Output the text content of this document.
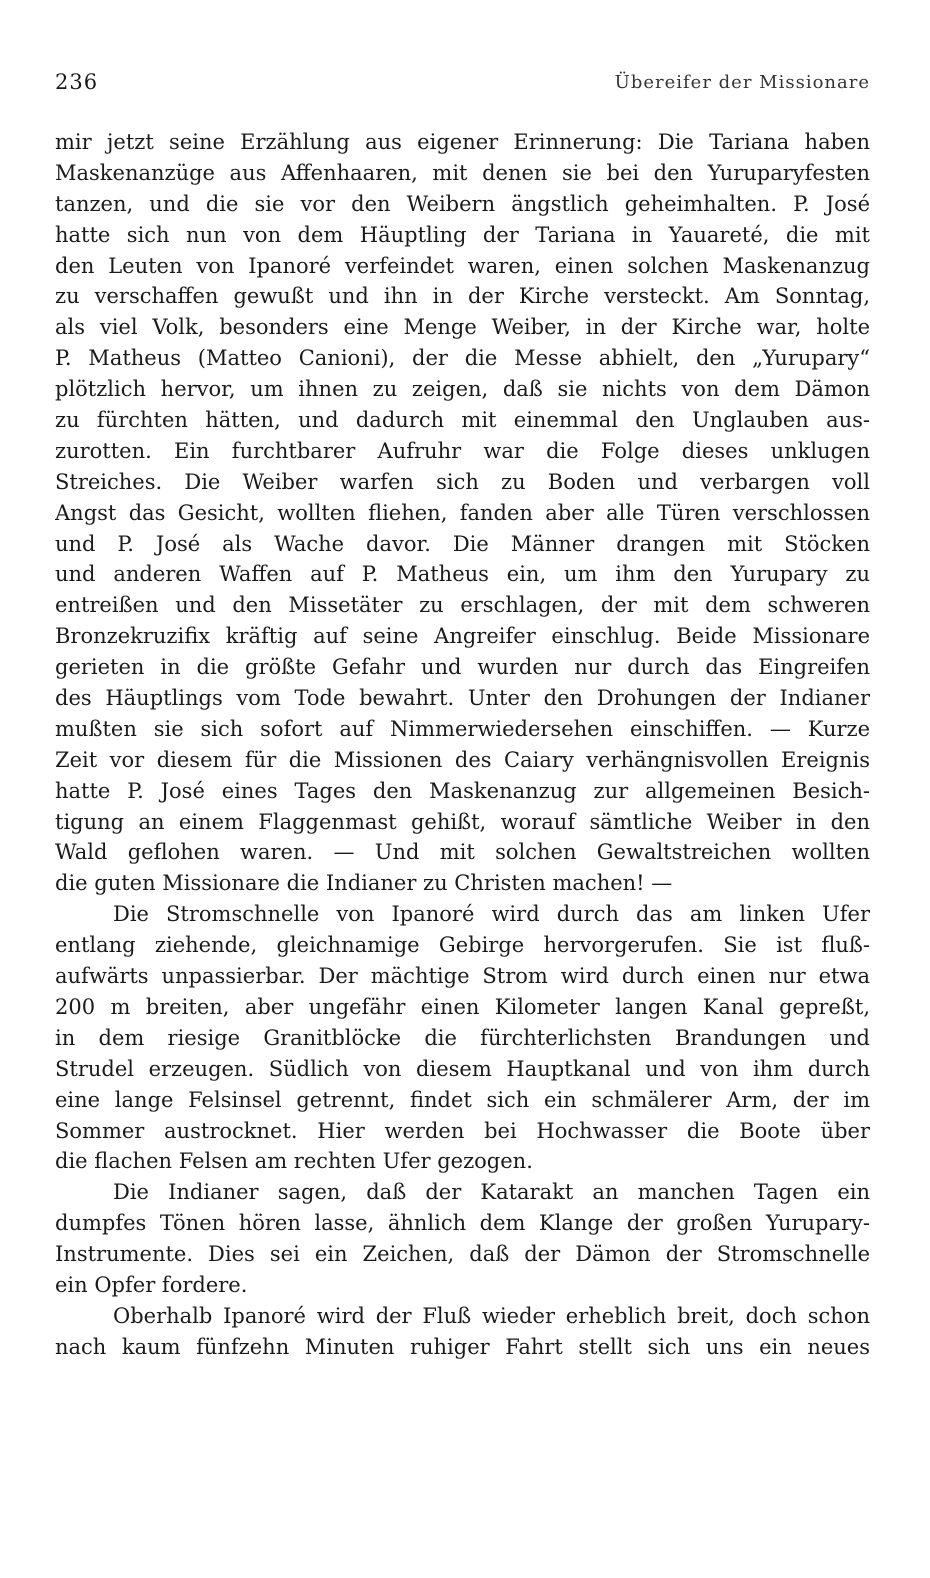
236	Übereifer der Missionare
mir jetzt seine Erzählung aus eigener Erinnerung: Die Tariana haben
Maskenanzüge aus Affenhaaren, mit denen sie bei den Yuruparyfesten
tanzen, und die sie vor den Weibern ängstlich geheimhalten. P. José
hatte sich nun von dem Häuptling der Tariana in Yauareté, die mit
den Leuten von Ipanoré verfeindet waren, einen solchen Maskenanzug
zu verschaffen gewußt und ihn in der Kirche versteckt. Am Sonntag,
als viel Volk, besonders eine Menge Weiber, in der Kirche war, holte
P. Matheus (Matteo Canioni), der die Messe abhielt, den „Yurupary“
plötzlich hervor, um ihnen zu zeigen, daß sie nichts von dem Dämon
zu fürchten hätten, und dadurch mit einemmal den Unglauben aus-
zurotten. Ein furchtbarer Aufruhr war die Folge dieses unklugen
Streiches. Die Weiber warfen sich zu Boden und verbargen voll
Angst das Gesicht, wollten fliehen, fanden aber alle Türen verschlossen
und P. José als Wache davor. Die Männer drangen mit Stöcken
und anderen Waffen auf P. Matheus ein, um ihm den Yurupary zu
entreißen und den Missetäter zu erschlagen, der mit dem schweren
Bronzekruzifix kräftig auf seine Angreifer einschlug. Beide Missionare
gerieten in die größte Gefahr und wurden nur durch das Eingreifen
des Häuptlings vom Tode bewahrt. Unter den Drohungen der Indianer
mußten sie sich sofort auf Nimmerwiedersehen einschiffen. — Kurze
Zeit vor diesem für die Missionen des Caiary verhängnisvollen Ereignis
hatte P. José eines Tages den Maskenanzug zur allgemeinen Besich-
tigung an einem Flaggenmast gehißt, worauf sämtliche Weiber in den
Wald geflohen waren. — Und mit solchen Gewaltstreichen wollten
die guten Missionare die Indianer zu Christen machen! —
Die Stromschnelle von Ipanoré wird durch das am linken Ufer
entlang ziehende, gleichnamige Gebirge hervorgerufen. Sie ist fluß-
aufwärts unpassierbar. Der mächtige Strom wird durch einen nur etwa
200 m breiten, aber ungefähr einen Kilometer langen Kanal gepreßt,
in dem riesige Granitblöcke die fürchterlichsten Brandungen und
Strudel erzeugen. Südlich von diesem Hauptkanal und von ihm durch
eine lange Felsinsel getrennt, findet sich ein schmälerer Arm, der im
Sommer austrocknet. Hier werden bei Hochwasser die Boote über
die flachen Felsen am rechten Ufer gezogen.
Die Indianer sagen, daß der Katarakt an manchen Tagen ein
dumpfes Tönen hören lasse, ähnlich dem Klange der großen Yurupary-
Instrumente. Dies sei ein Zeichen, daß der Dämon der Stromschnelle
ein Opfer fordere.
Oberhalb Ipanoré wird der Fluß wieder erheblich breit, doch schon
nach kaum fünfzehn Minuten ruhiger Fahrt stellt sich uns ein neues
